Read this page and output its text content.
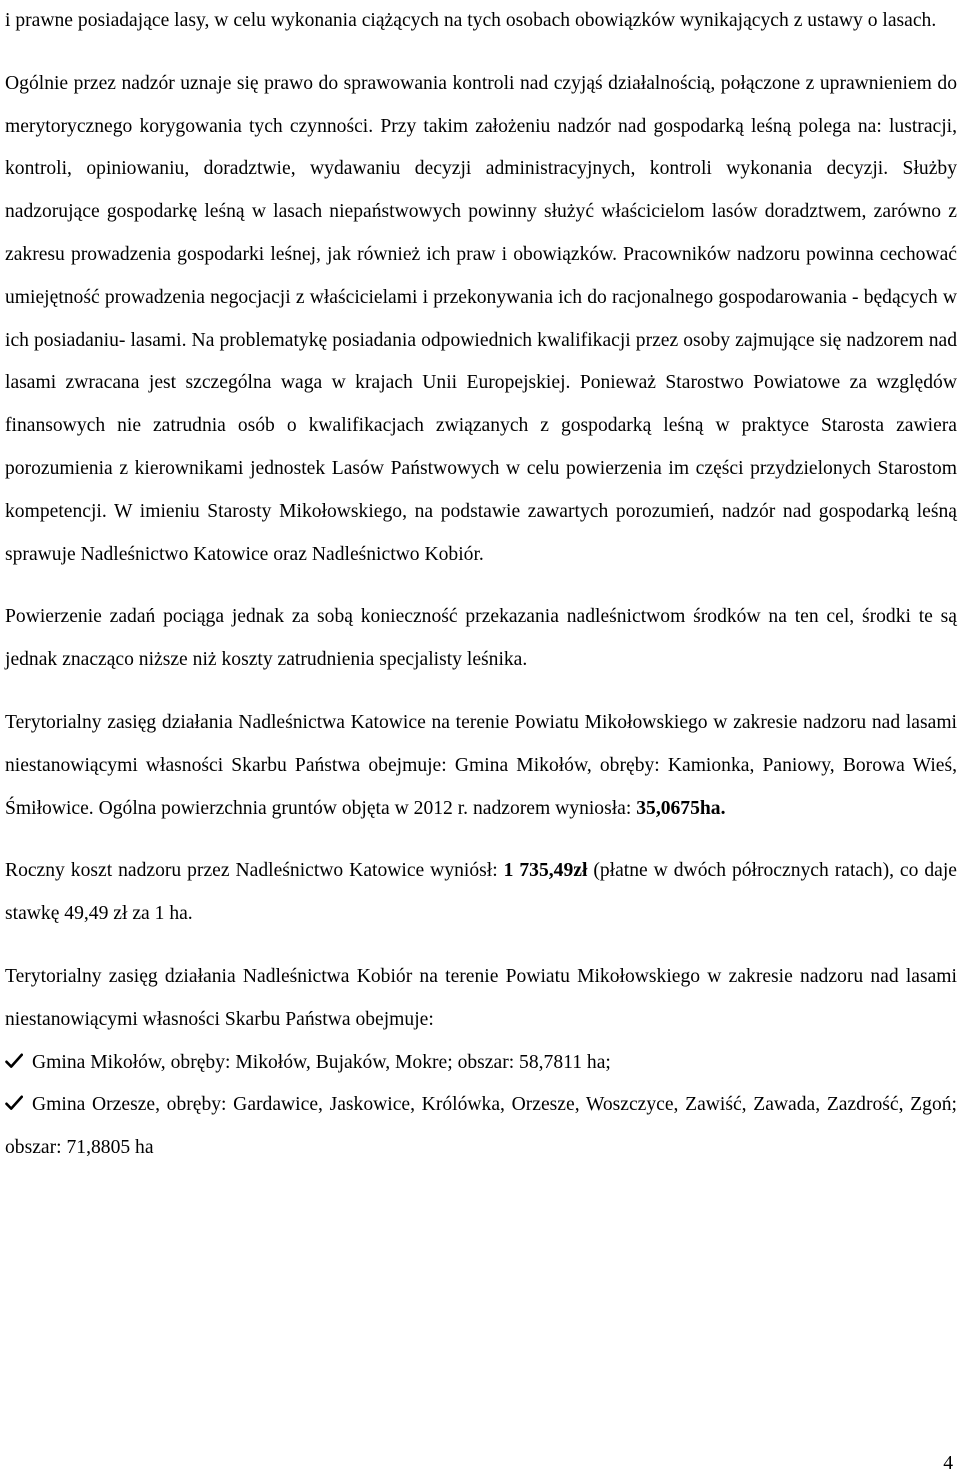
i prawne posiadające lasy, w celu wykonania ciążących na tych osobach obowiązków wynikających z ustawy o lasach.

Ogólnie przez nadzór uznaje się prawo do sprawowania kontroli nad czyjąś działalnością, połączone z uprawnieniem do merytorycznego korygowania tych czynności. Przy takim założeniu nadzór nad gospodarką leśną polega na: lustracji, kontroli, opiniowaniu, doradztwie, wydawaniu decyzji administracyjnych, kontroli wykonania decyzji. Służby nadzorujące gospodarkę leśną w lasach niepaństwowych powinny służyć właścicielom lasów doradztwem, zarówno z zakresu prowadzenia gospodarki leśnej, jak również ich praw i obowiązków. Pracowników nadzoru powinna cechować umiejętność prowadzenia negocjacji z właścicielami i przekonywania ich do racjonalnego gospodarowania - będących w ich posiadaniu- lasami. Na problematykę posiadania odpowiednich kwalifikacji przez osoby zajmujące się nadzorem nad lasami zwracana jest szczególna waga w krajach Unii Europejskiej. Ponieważ Starostwo Powiatowe za względów finansowych nie zatrudnia osób o kwalifikacjach związanych z gospodarką leśną w praktyce Starosta zawiera porozumienia z kierownikami jednostek Lasów Państwowych w celu powierzenia im części przydzielonych Starostom kompetencji. W imieniu Starosty Mikołowskiego, na podstawie zawartych porozumień, nadzór nad gospodarką leśną sprawuje Nadleśnictwo Katowice oraz Nadleśnictwo Kobiór.

Powierzenie zadań pociąga jednak za sobą konieczność przekazania nadleśnictwom środków na ten cel, środki te są jednak znacząco niższe niż koszty zatrudnienia specjalisty leśnika.

Terytorialny zasięg działania Nadleśnictwa Katowice na terenie Powiatu Mikołowskiego w zakresie nadzoru nad lasami niestanowiącymi własności Skarbu Państwa obejmuje: Gmina Mikołów, obręby: Kamionka, Paniowy, Borowa Wieś, Śmiłowice. Ogólna powierzchnia gruntów objęta w 2012 r. nadzorem wyniosła: 35,0675ha.

Roczny koszt nadzoru przez Nadleśnictwo Katowice wyniósł: 1 735,49zł (płatne w dwóch półrocznych ratach), co daje stawkę 49,49 zł za 1 ha.

Terytorialny zasięg działania Nadleśnictwa Kobiór na terenie Powiatu Mikołowskiego w zakresie nadzoru nad lasami niestanowiącymi własności Skarbu Państwa obejmuje:

Gmina Mikołów, obręby: Mikołów, Bujaków, Mokre; obszar: 58,7811 ha;
Gmina Orzesze, obręby: Gardawice, Jaskowice, Królówka, Orzesze, Woszczyce, Zawiść, Zawada, Zazdrość, Zgoń; obszar: 71,8805 ha
4
